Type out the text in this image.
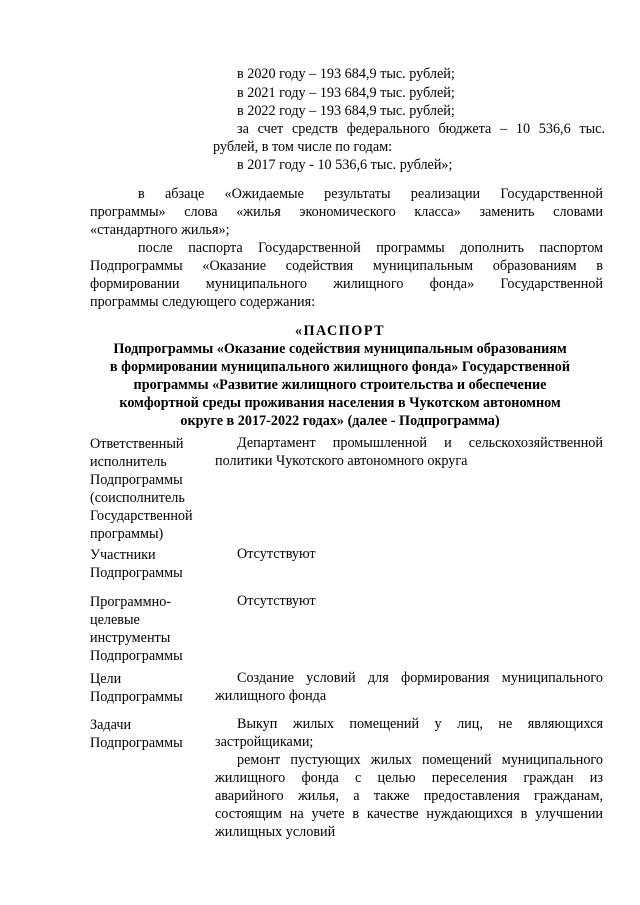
в 2020 году – 193 684,9 тыс. рублей;
в 2021 году – 193 684,9 тыс. рублей;
в 2022 году – 193 684,9 тыс. рублей;
за счет средств федерального бюджета – 10 536,6 тыс.
рублей, в том числе по годам:
в 2017 году - 10 536,6 тыс. рублей»;
в абзаце «Ожидаемые результаты реализации Государственной
программы» слова «жилья экономического класса» заменить словами
«стандартного жилья»;
после паспорта Государственной программы дополнить паспортом
Подпрограммы «Оказание содействия муниципальным образованиям в
формировании муниципального жилищного фонда» Государственной
программы следующего содержания:
«ПАСПОРТ
Подпрограммы «Оказание содействия муниципальным образованиям
в формировании муниципального жилищного фонда» Государственной
программы «Развитие жилищного строительства и обеспечение
комфортной среды проживания населения в Чукотском автономном
округе в 2017-2022 годах» (далее - Подпрограмма)
Ответственный
исполнитель
Подпрограммы
(соисполнитель
Государственной
программы)
Департамент промышленной и сельскохозяйственной
политики Чукотского автономного округа
Участники
Подпрограммы
Отсутствуют
Программно-
целевые
инструменты
Подпрограммы
Отсутствуют
Цели
Подпрограммы
Создание условий для формирования муниципального
жилищного фонда
Задачи
Подпрограммы
Выкуп жилых помещений у лиц, не являющихся
застройщиками;
ремонт пустующих жилых помещений муниципального
жилищного фонда с целью переселения граждан из
аварийного жилья, а также предоставления гражданам,
состоящим на учете в качестве нуждающихся в улучшении
жилищных условий
